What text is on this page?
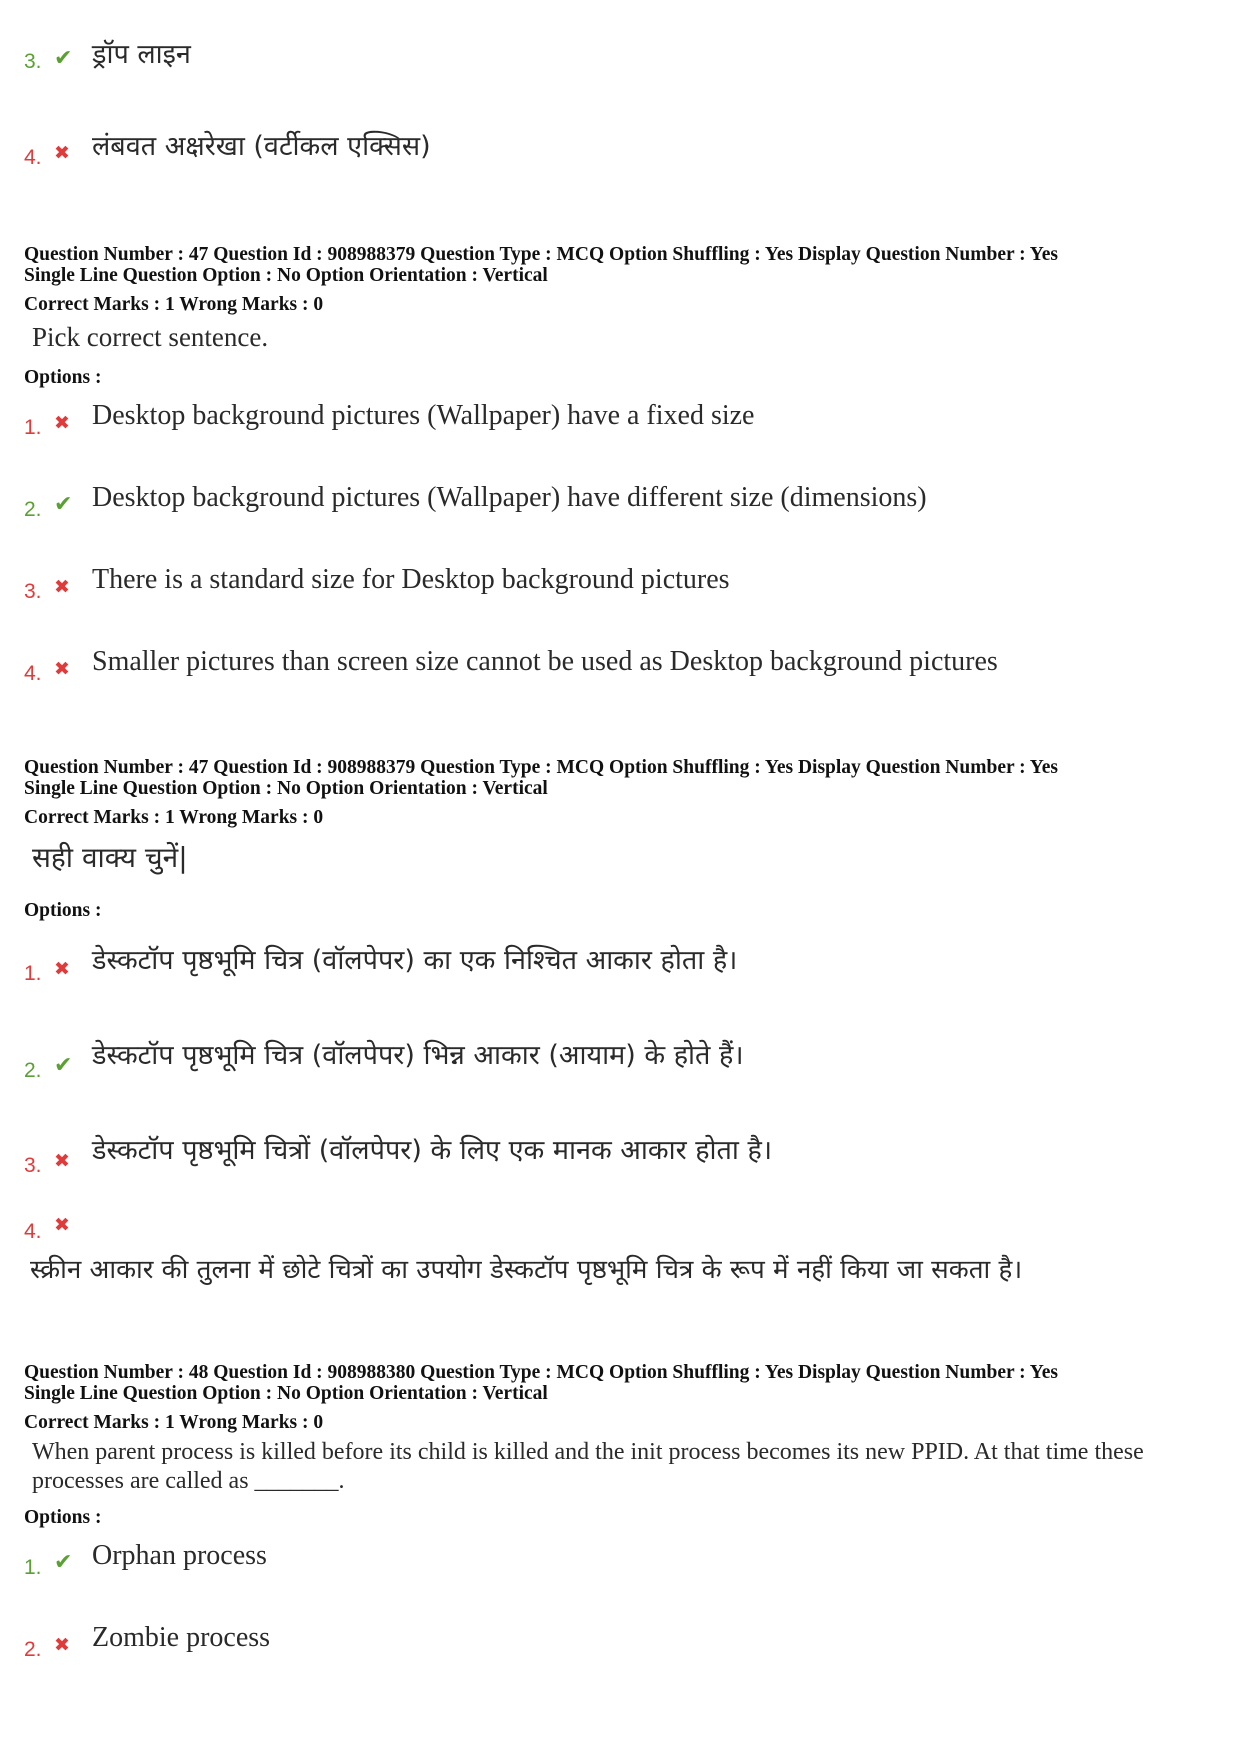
3. ✔ ड्रॉप लाइन
4. ✖ लंबवत अक्षरेखा (वर्टीकल एक्सिस)
Question Number : 47 Question Id : 908988379 Question Type : MCQ Option Shuffling : Yes Display Question Number : Yes
Single Line Question Option : No Option Orientation : Vertical
Correct Marks : 1 Wrong Marks : 0
Pick correct sentence.
Options :
1. ✖ Desktop background pictures (Wallpaper) have a fixed size
2. ✔ Desktop background pictures (Wallpaper) have different size (dimensions)
3. ✖ There is a standard size for Desktop background pictures
4. ✖ Smaller pictures than screen size cannot be used as Desktop background pictures
Question Number : 47 Question Id : 908988379 Question Type : MCQ Option Shuffling : Yes Display Question Number : Yes
Single Line Question Option : No Option Orientation : Vertical
Correct Marks : 1 Wrong Marks : 0
सही वाक्य चुनें|
Options :
1. ✖ डेस्कटॉप पृष्ठभूमि चित्र (वॉलपेपर) का एक निश्चित आकार होता है।
2. ✔ डेस्कटॉप पृष्ठभूमि चित्र (वॉलपेपर) भिन्न आकार (आयाम) के होते हैं।
3. ✖ डेस्कटॉप पृष्ठभूमि चित्रों (वॉलपेपर) के लिए एक मानक आकार होता है।
4. ✖
स्क्रीन आकार की तुलना में छोटे चित्रों का उपयोग डेस्कटॉप पृष्ठभूमि चित्र के रूप में नहीं किया जा सकता है।
Question Number : 48 Question Id : 908988380 Question Type : MCQ Option Shuffling : Yes Display Question Number : Yes
Single Line Question Option : No Option Orientation : Vertical
Correct Marks : 1 Wrong Marks : 0
When parent process is killed before its child is killed and the init process becomes its new PPID. At that time these processes are called as _______.
Options :
1. ✔ Orphan process
2. ✖ Zombie process
